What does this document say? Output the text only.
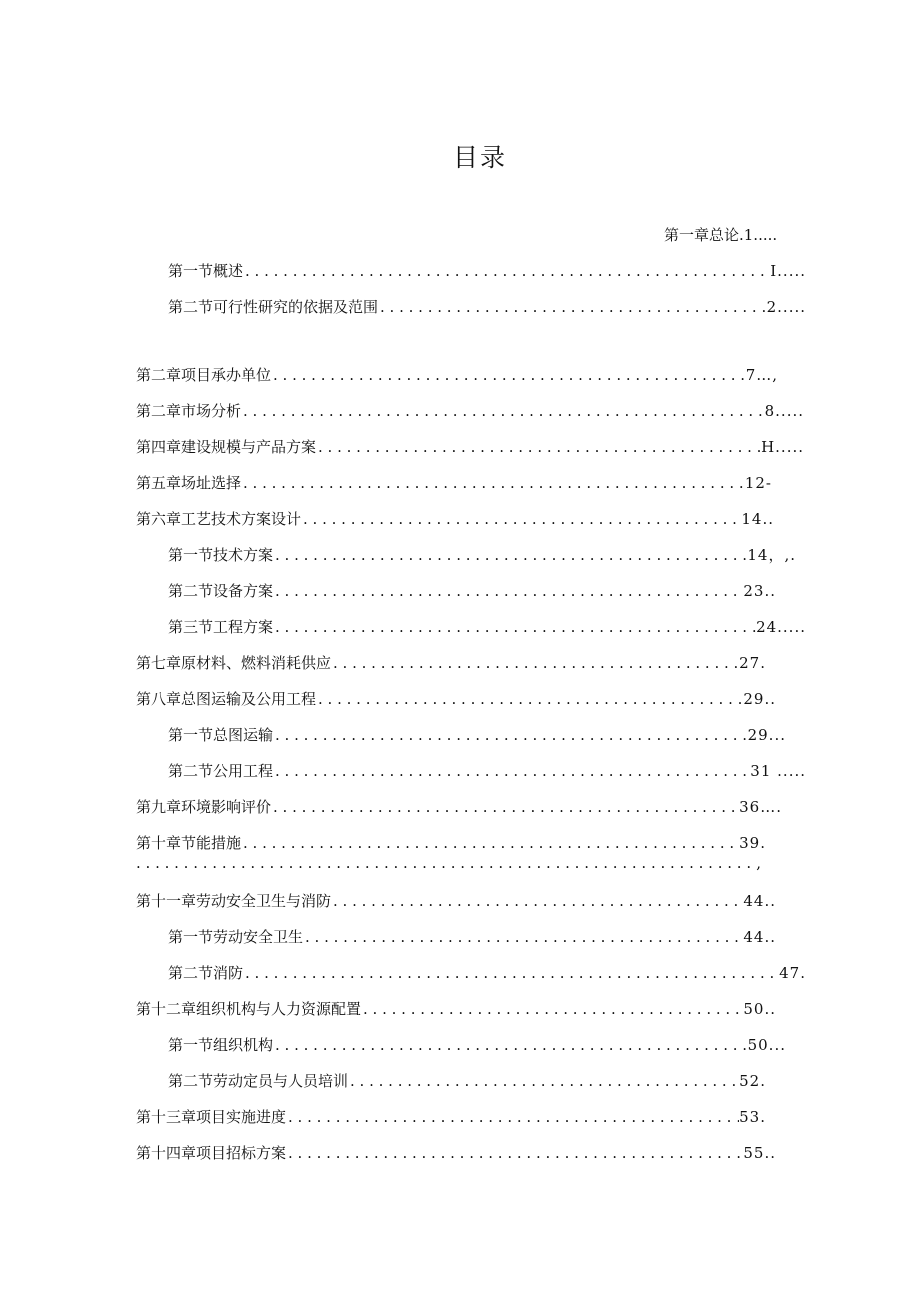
目录
第一章总论.1.....
第一节概述 . . .	I.....
第二节可行性研究的依据及范围 . . .	2.....
第二章项目承办单位 . . .	7…,
第二章市场分析 . . .	8.....
第四章建设规模与产品方案 . . .	H.....
第五章场址选择 . . .	12-
第六章工艺技术方案设计 . . .	14..
第一节技术方案 . . .	14，,.
第二节设备方案 . . .	23..
第三节工程方案 . . .	24.....
第七章原材料、燃料消耗供应 . . .	27.
第八章总图运输及公用工程 . . .	29..
第一节总图运输 . . .	29...
第二节公用工程 . . .	31 .....
第九章环境影响评价 . . .	36….
第十章节能措施 . . .	39.
第十一章劳动安全卫生与消防 . . .	44..
第一节劳动安全卫生 . . .	44..
第二节消防 . . .	47.
第十二章组织机构与人力资源配置 . . .	50..
第一节组织机构 . . .	50...
第二节劳动定员与人员培训 . . .	52.
第十三章项目实施进度 . . .	53.
第十四章项目招标方案 . . .	55..
. . . ,
